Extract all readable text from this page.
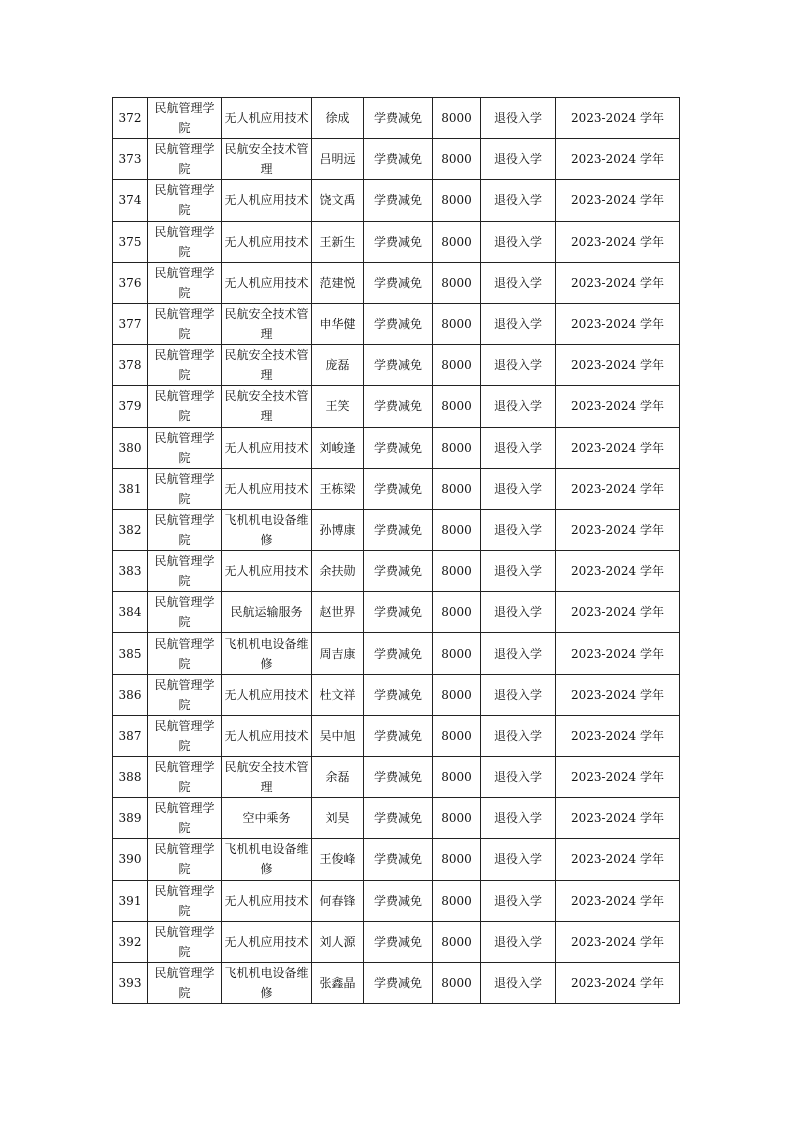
372	民航管理学院	无人机应用技术	徐成	学费减免	8000	退役入学	2023-2024 学年
373	民航管理学院	民航安全技术管理	吕明远	学费减免	8000	退役入学	2023-2024 学年
374	民航管理学院	无人机应用技术	饶文禹	学费减免	8000	退役入学	2023-2024 学年
375	民航管理学院	无人机应用技术	王新生	学费减免	8000	退役入学	2023-2024 学年
376	民航管理学院	无人机应用技术	范建悦	学费减免	8000	退役入学	2023-2024 学年
377	民航管理学院	民航安全技术管理	申华健	学费减免	8000	退役入学	2023-2024 学年
378	民航管理学院	民航安全技术管理	庞磊	学费减免	8000	退役入学	2023-2024 学年
379	民航管理学院	民航安全技术管理	王笑	学费减免	8000	退役入学	2023-2024 学年
380	民航管理学院	无人机应用技术	刘峻逢	学费减免	8000	退役入学	2023-2024 学年
381	民航管理学院	无人机应用技术	王栋梁	学费减免	8000	退役入学	2023-2024 学年
382	民航管理学院	飞机机电设备维修	孙博康	学费减免	8000	退役入学	2023-2024 学年
383	民航管理学院	无人机应用技术	余扶勋	学费减免	8000	退役入学	2023-2024 学年
384	民航管理学院	民航运输服务	赵世界	学费减免	8000	退役入学	2023-2024 学年
385	民航管理学院	飞机机电设备维修	周吉康	学费减免	8000	退役入学	2023-2024 学年
386	民航管理学院	无人机应用技术	杜文祥	学费减免	8000	退役入学	2023-2024 学年
387	民航管理学院	无人机应用技术	吴中旭	学费减免	8000	退役入学	2023-2024 学年
388	民航管理学院	民航安全技术管理	余磊	学费减免	8000	退役入学	2023-2024 学年
389	民航管理学院	空中乘务	刘昊	学费减免	8000	退役入学	2023-2024 学年
390	民航管理学院	飞机机电设备维修	王俊峰	学费减免	8000	退役入学	2023-2024 学年
391	民航管理学院	无人机应用技术	何春锋	学费减免	8000	退役入学	2023-2024 学年
392	民航管理学院	无人机应用技术	刘人源	学费减免	8000	退役入学	2023-2024 学年
393	民航管理学院	飞机机电设备维修	张鑫晶	学费减免	8000	退役入学	2023-2024 学年
